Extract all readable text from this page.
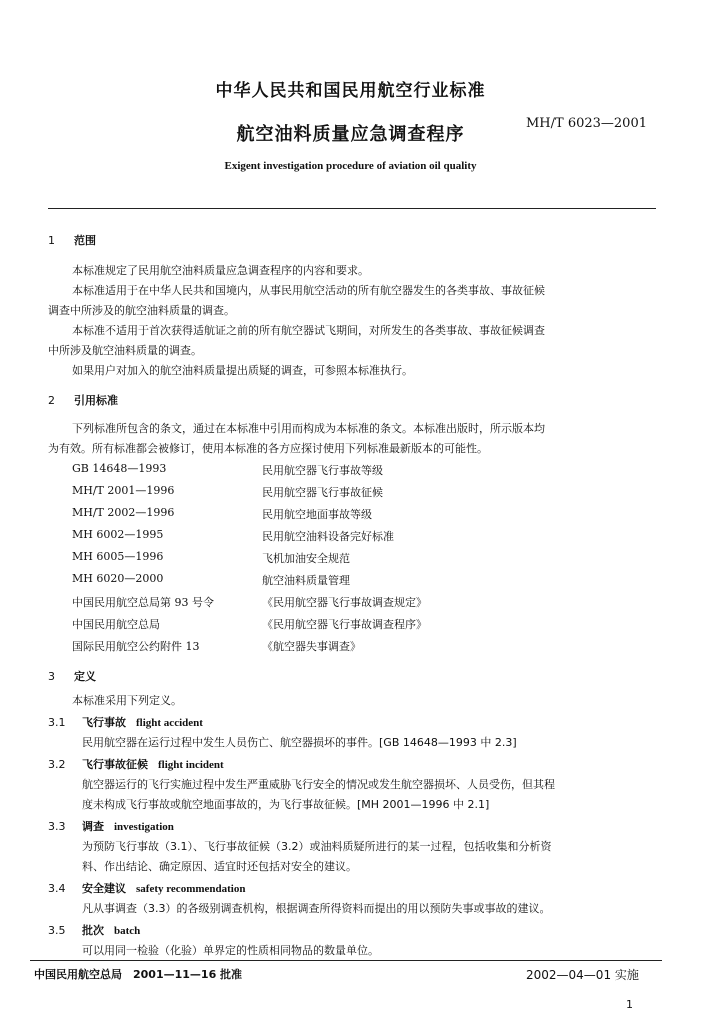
中华人民共和国民用航空行业标准
航空油料质量应急调查程序
MH/T 6023—2001
Exigent investigation procedure of aviation oil quality
1 范围
本标准规定了民用航空油料质量应急调查程序的内容和要求。
本标准适用于在中华人民共和国境内，从事民用航空活动的所有航空器发生的各类事故、事故征候
调查中所涉及的航空油料质量的调查。
本标准不适用于首次获得适航证之前的所有航空器试飞期间，对所发生的各类事故、事故征候调查
中所涉及航空油料质量的调查。
如果用户对加入的航空油料质量提出质疑的调查，可参照本标准执行。
2 引用标准
下列标准所包含的条文，通过在本标准中引用而构成为本标准的条文。本标准出版时，所示版本均
为有效。所有标准都会被修订，使用本标准的各方应探讨使用下列标准最新版本的可能性。
GB 14648—1993	民用航空器飞行事故等级
MH/T 2001—1996	民用航空器飞行事故征候
MH/T 2002—1996	民用航空地面事故等级
MH 6002—1995	民用航空油料设备完好标准
MH 6005—1996	飞机加油安全规范
MH 6020—2000	航空油料质量管理
中国民用航空总局第 93 号令	《民用航空器飞行事故调查规定》
中国民用航空总局	《民用航空器飞行事故调查程序》
国际民用航空公约附件 13	《航空器失事调查》
3 定义
本标准采用下列定义。
3.1 飞行事故 flight accident
民用航空器在运行过程中发生人员伤亡、航空器损坏的事件。[GB 14648—1993 中 2.3]
3.2 飞行事故征候 flight incident
航空器运行的飞行实施过程中发生严重威胁飞行安全的情况或发生航空器损坏、人员受伤，但其程
度未构成飞行事故或航空地面事故的，为飞行事故征候。[MH 2001—1996 中 2.1]
3.3 调查 investigation
为预防飞行事故（3.1）、飞行事故征候（3.2）或油料质疑所进行的某一过程，包括收集和分析资
料、作出结论、确定原因、适宜时还包括对安全的建议。
3.4 安全建议 safety recommendation
凡从事调查（3.3）的各级别调查机构，根据调查所得资料而提出的用以预防失事或事故的建议。
3.5 批次 batch
可以用同一检验（化验）单界定的性质相同物品的数量单位。
中国民用航空总局　2001—11—16 批准	2002—04—01 实施
1
